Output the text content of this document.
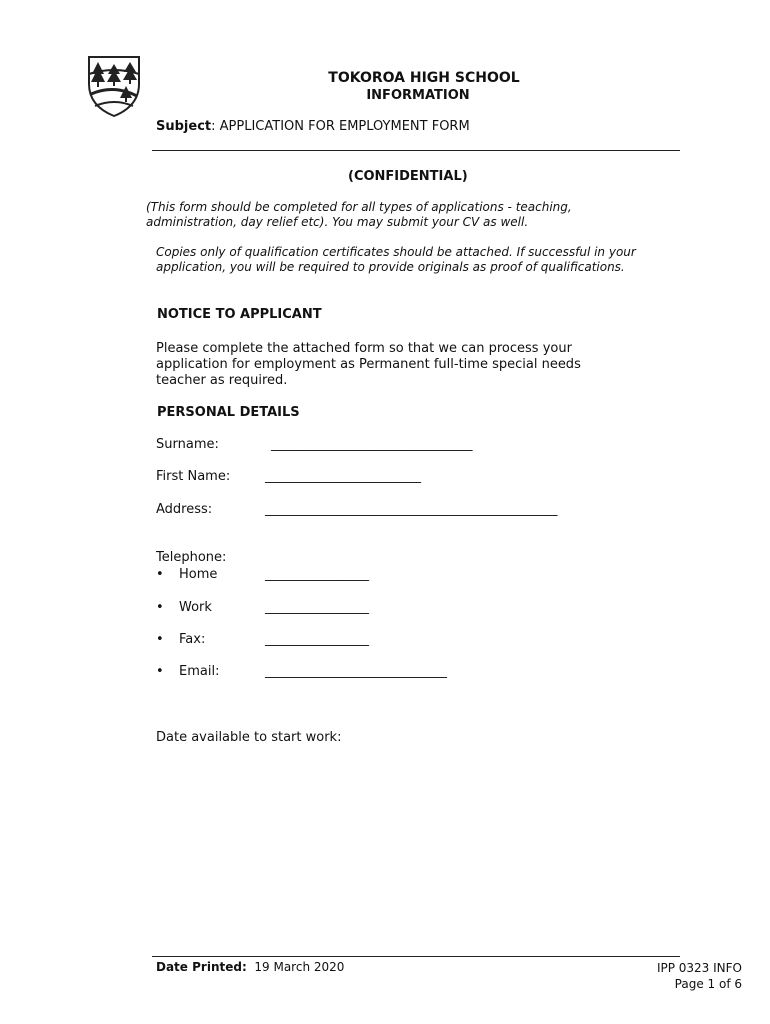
TOKOROA HIGH SCHOOL
INFORMATION
Subject: APPLICATION FOR EMPLOYMENT FORM
(CONFIDENTIAL)
(This form should be completed for all types of applications - teaching,
administration, day relief etc). You may submit your CV as well.
Copies only of qualification certificates should be attached. If successful in your
application, you will be required to provide originals as proof of qualifications.
NOTICE TO APPLICANT
Please complete the attached form so that we can process your
application for employment as Permanent full-time special needs
teacher as required.
PERSONAL DETAILS
Surname:	_______________________________
First Name:	________________________
Address:	_____________________________________________
Telephone:
• Home	________________
• Work	________________
• Fax:	________________
• Email:	____________________________
Date available to start work:
Date Printed: 19 March 2020	IPP 0323 INFO
Page 1 of 6
